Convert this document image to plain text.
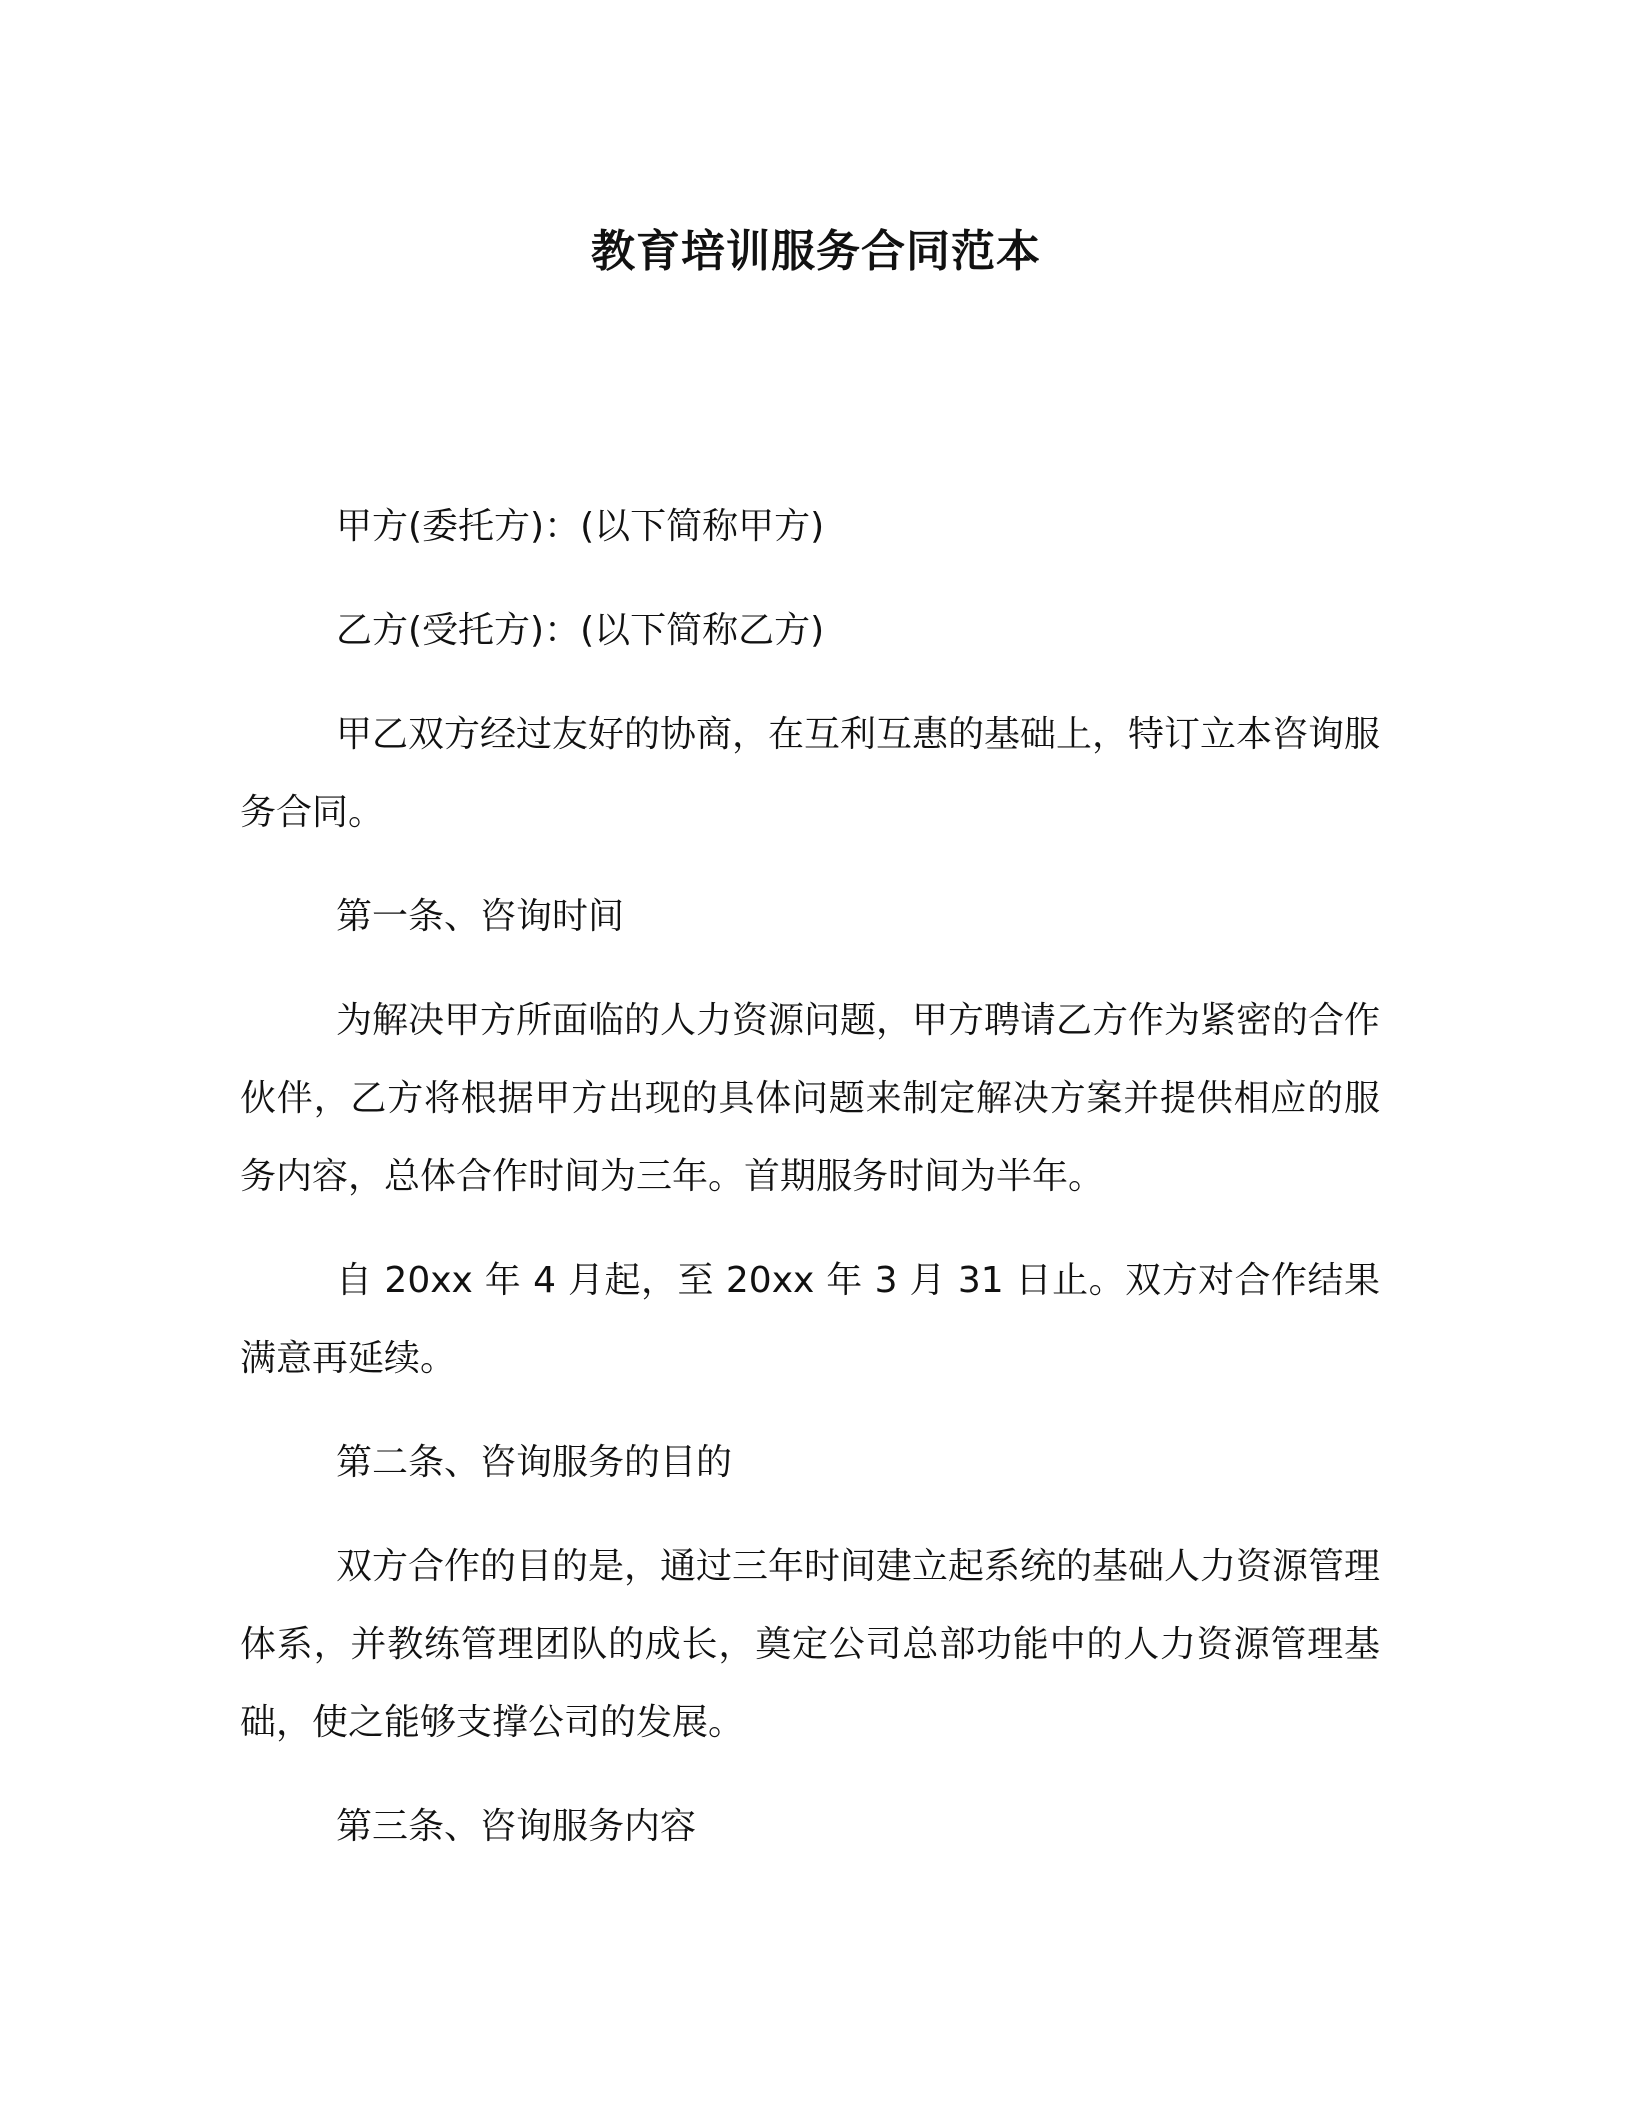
教育培训服务合同范本

甲方(委托方)：(以下简称甲方)

乙方(受托方)：(以下简称乙方)

甲乙双方经过友好的协商，在互利互惠的基础上，特订立本咨询服务合同。

第一条、咨询时间

为解决甲方所面临的人力资源问题，甲方聘请乙方作为紧密的合作伙伴，乙方将根据甲方出现的具体问题来制定解决方案并提供相应的服务内容，总体合作时间为三年。首期服务时间为半年。

自 20xx 年 4 月起，至 20xx 年 3 月 31 日止。双方对合作结果满意再延续。

第二条、咨询服务的目的

双方合作的目的是，通过三年时间建立起系统的基础人力资源管理体系，并教练管理团队的成长，奠定公司总部功能中的人力资源管理基础，使之能够支撑公司的发展。

第三条、咨询服务内容
